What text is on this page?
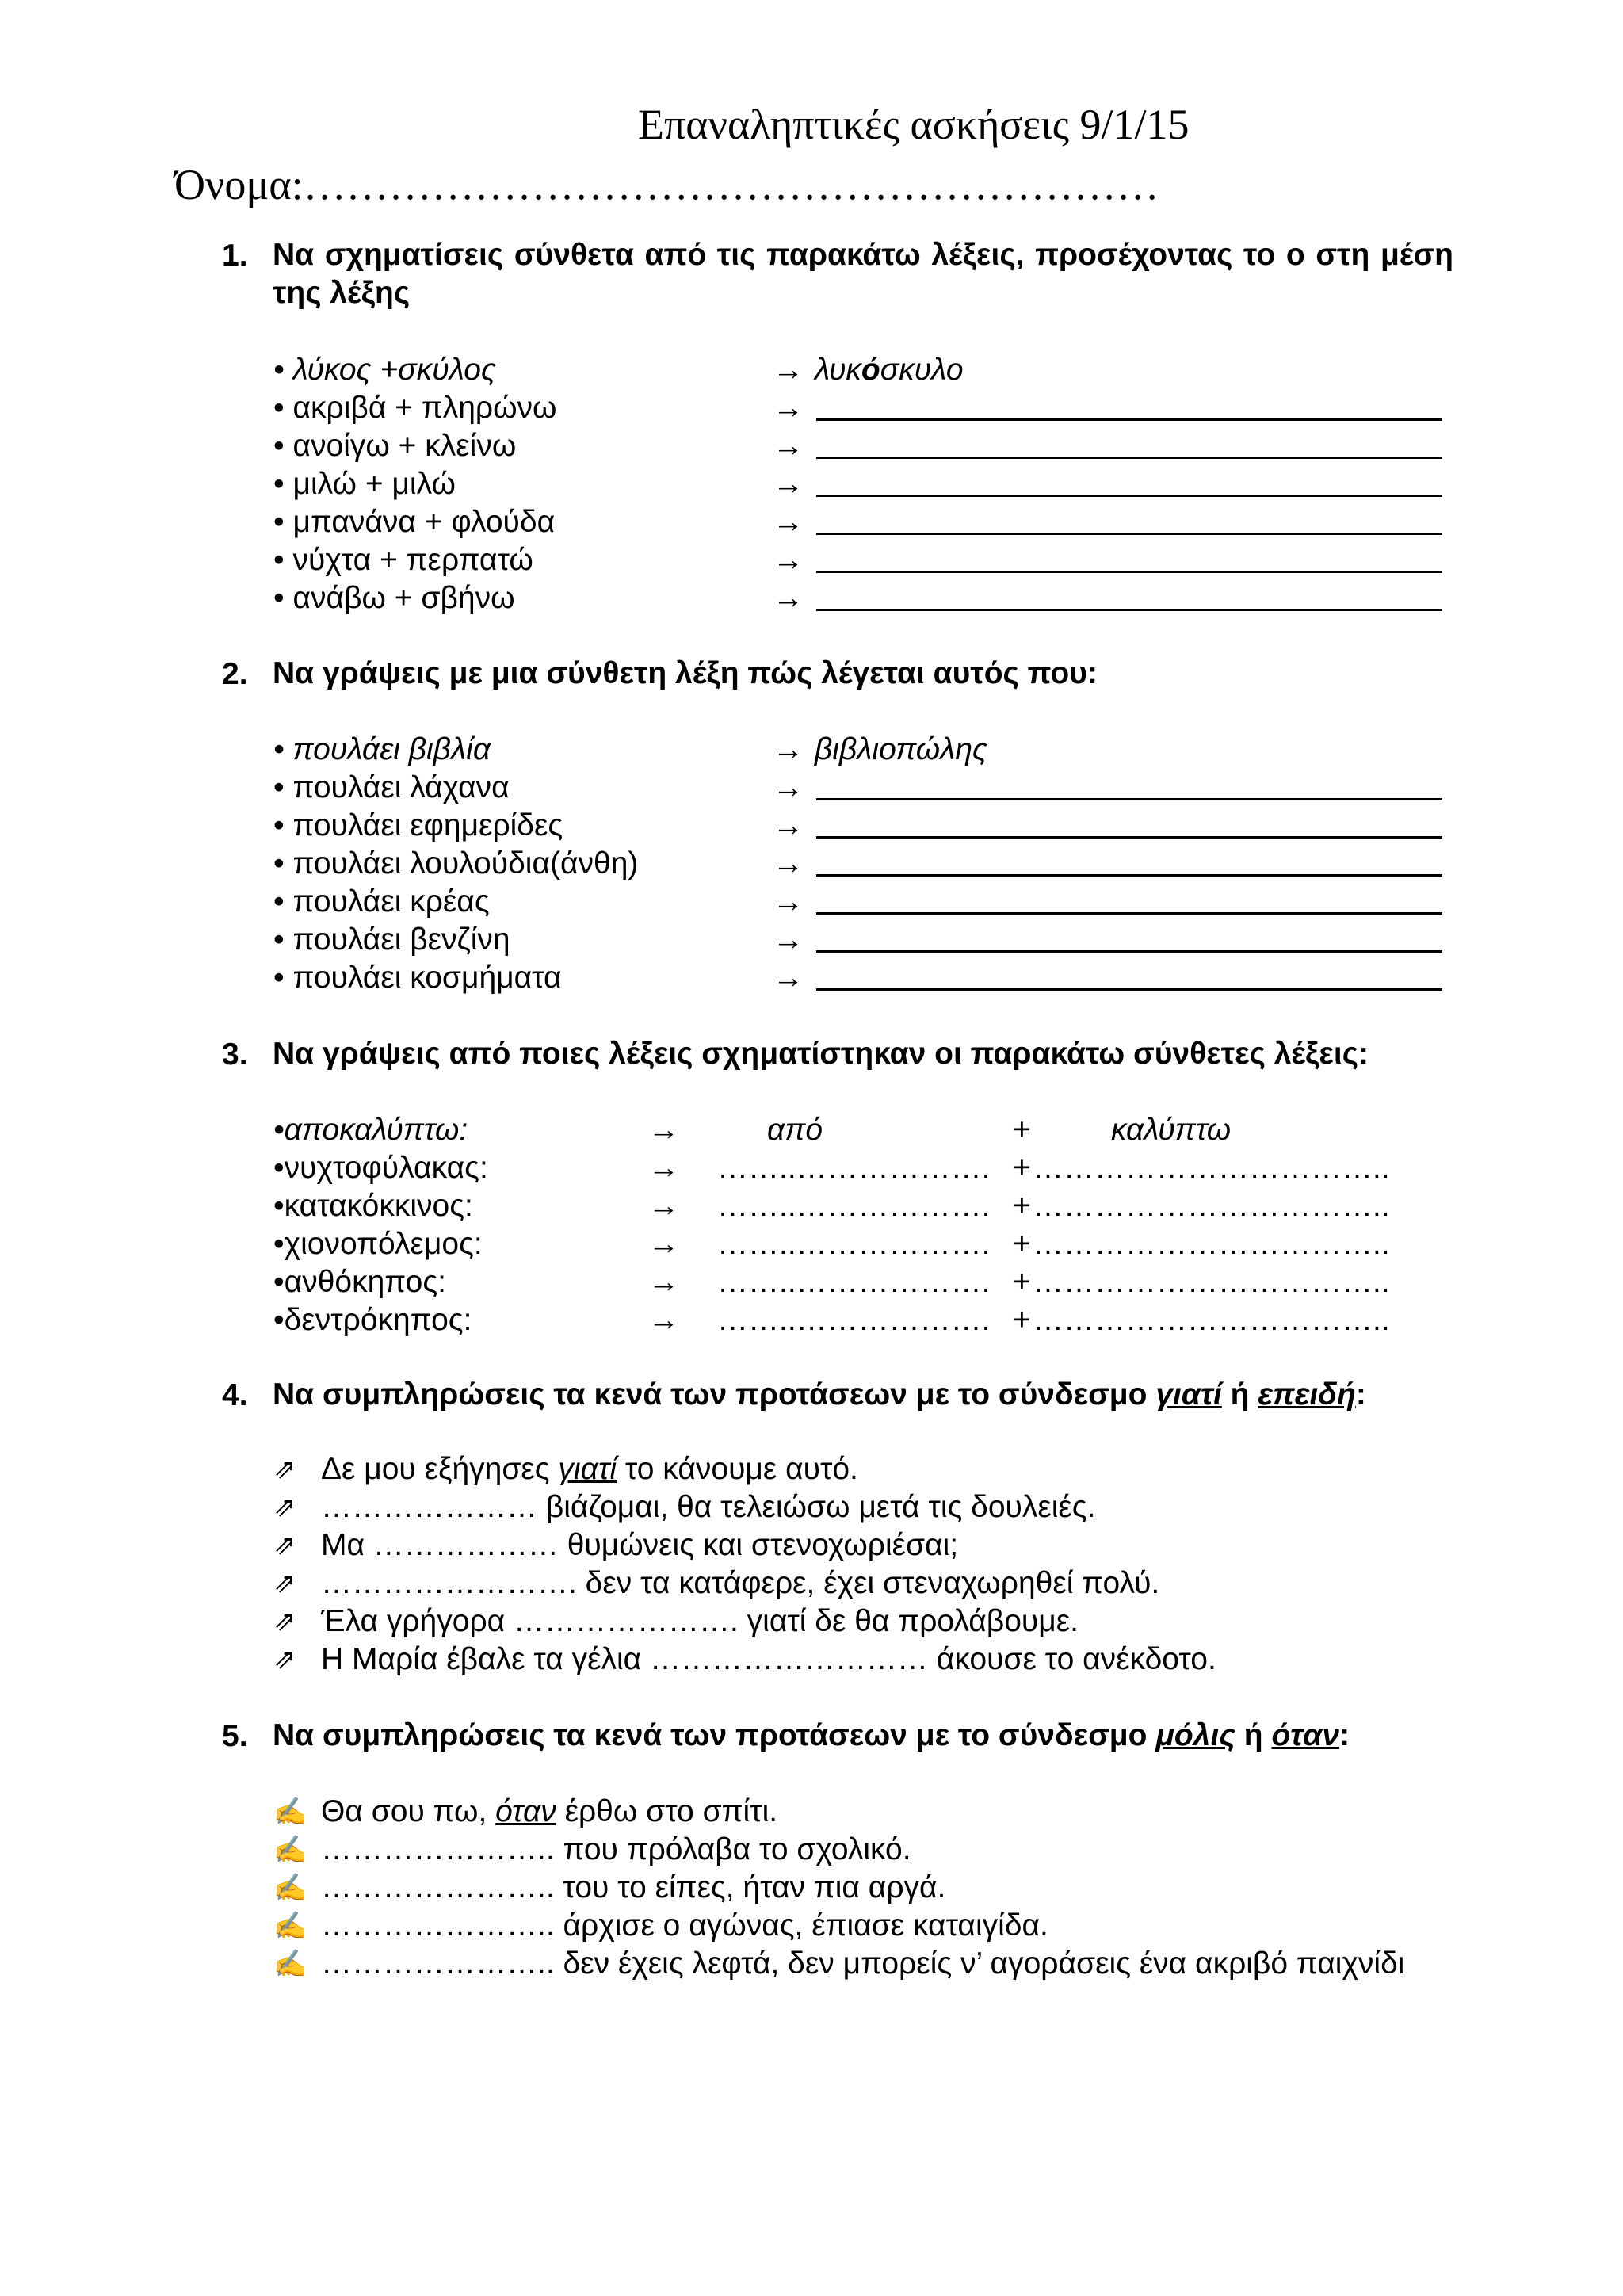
Επαναληπτικές ασκήσεις 9/1/15
Όνομα:……………………………………………………
1. Να σχηματίσεις σύνθετα από τις παρακάτω λέξεις, προσέχοντας το ο στη μέση της λέξης
• λύκος +σκύλος	→ λυκόσκυλο
• ακριβά + πληρώνω	→
• ανοίγω + κλείνω	→
• μιλώ + μιλώ	→
• μπανάνα + φλούδα	→
• νύχτα + περπατώ	→
• ανάβω + σβήνω	→
2. Να γράψεις με μια σύνθετη λέξη πώς λέγεται αυτός που:
• πουλάει βιβλία	→ βιβλιοπώλης
• πουλάει λάχανα	→
• πουλάει εφημερίδες	→
• πουλάει λουλούδια(άνθη)	→
• πουλάει κρέας	→
• πουλάει βενζίνη	→
• πουλάει κοσμήματα	→
3. Να γράψεις από ποιες λέξεις σχηματίστηκαν οι παρακάτω σύνθετες λέξεις:
•αποκαλύπτω:	→	από	+	καλύπτω
•νυχτοφύλακας:	→ ……..………………. + ……………………………..
•κατακόκκινος:	→ ……..………………. + ……………………………..
•χιονοπόλεμος:	→ ……..………………. + ……………………………..
•ανθόκηπος:	→ ……..………………. + ……………………………..
•δεντρόκηπος:	→ ……..………………. + ……………………………..
4. Να συμπληρώσεις τα κενά των προτάσεων με το σύνδεσμο γιατί ή επειδή:
⇗ Δε μου εξήγησες γιατί το κάνουμε αυτό.
⇗ ………………… βιάζομαι, θα τελειώσω μετά τις δουλειές.
⇗ Μα ……………… θυμώνεις και στενοχωριέσαι;
⇗ ……………………. δεν τα κατάφερε, έχει στεναχωρηθεί πολύ.
⇗ Έλα γρήγορα …………………. γιατί δε θα προλάβουμε.
⇗ Η Μαρία έβαλε τα γέλια ……………………… άκουσε το ανέκδοτο.
5. Να συμπληρώσεις τα κενά των προτάσεων με το σύνδεσμο μόλις ή όταν:
✍ Θα σου πω, όταν έρθω στο σπίτι.
✍ ………………….. που πρόλαβα το σχολικό.
✍ ………………….. του το είπες, ήταν πια αργά.
✍ ………………….. άρχισε ο αγώνας, έπιασε καταιγίδα.
✍ ………………….. δεν έχεις λεφτά, δεν μπορείς ν’ αγοράσεις ένα ακριβό παιχνίδι
